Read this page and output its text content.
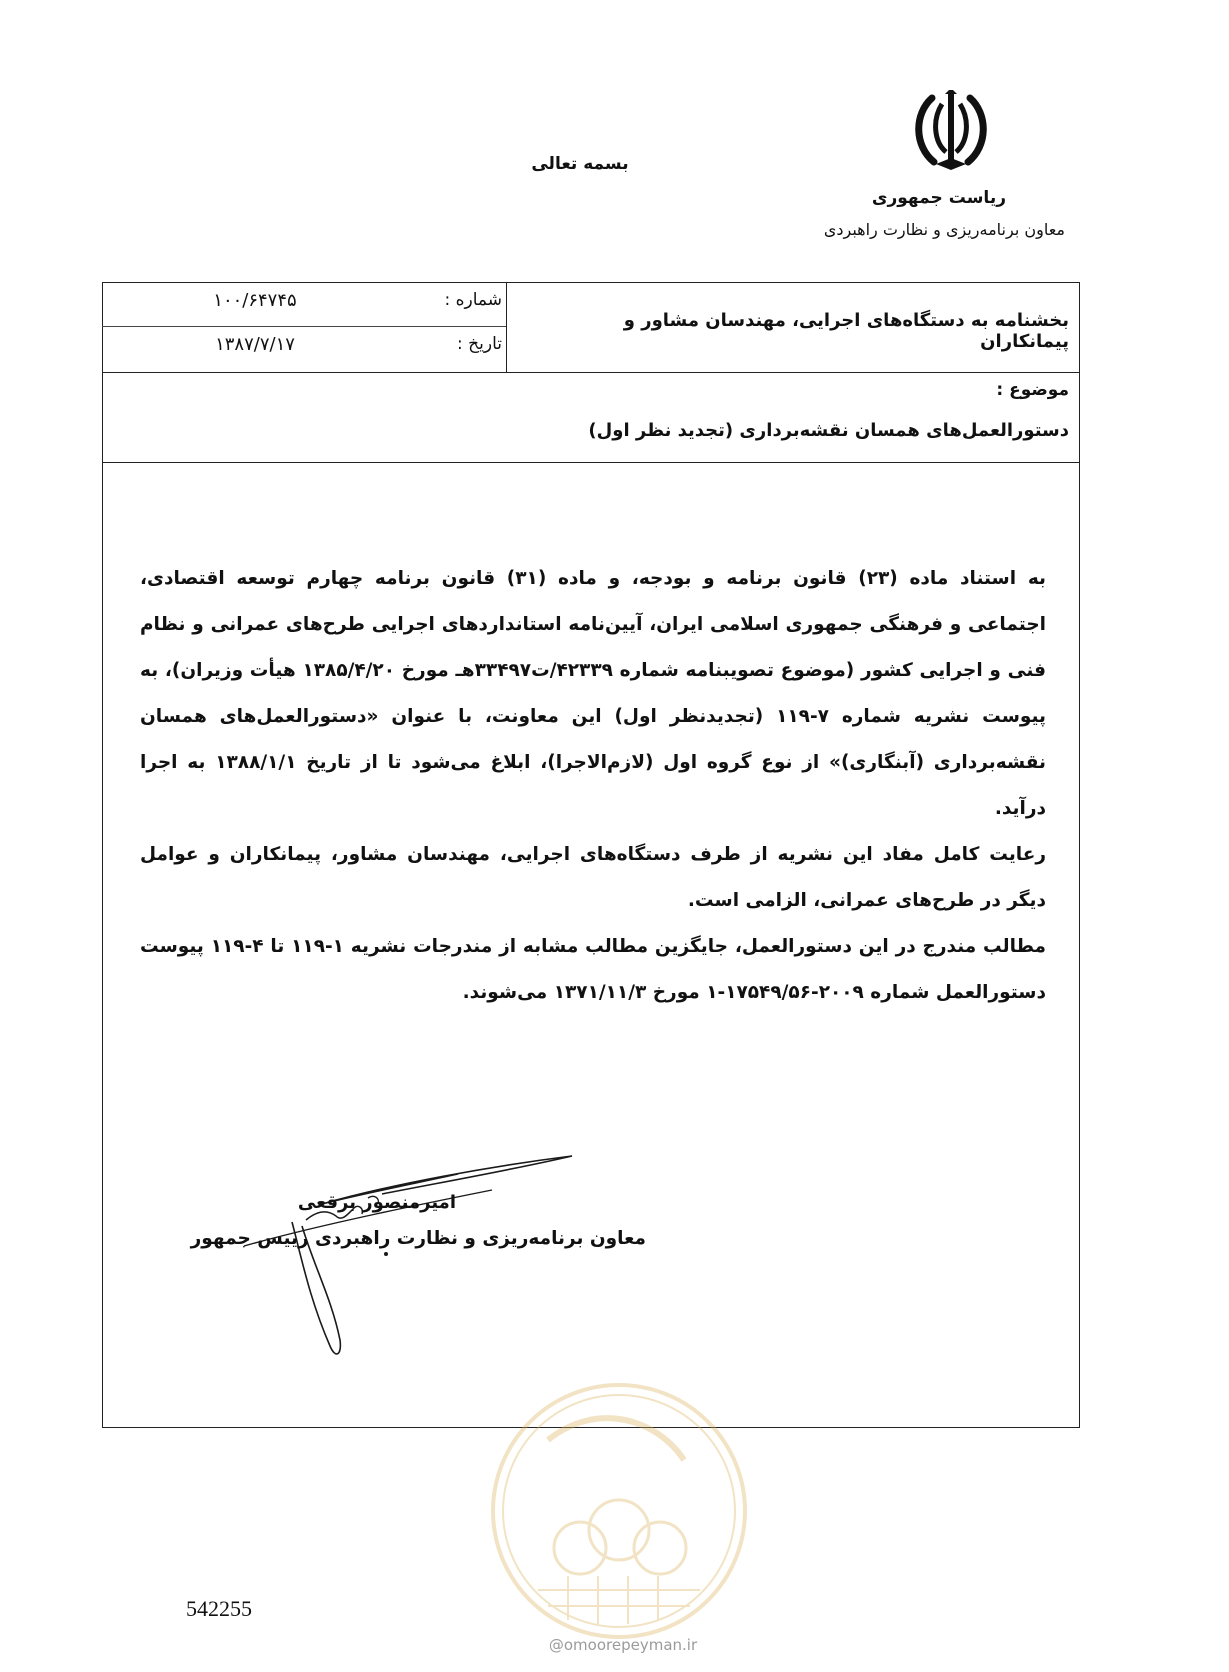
بسمه تعالی
ریاست جمهوری
معاون برنامه‌ریزی و نظارت راهبردی
شماره :
۱۰۰/۶۴۷۴۵
تاریخ :
۱۳۸۷/۷/۱۷
بخشنامه به دستگاه‌های اجرایی، مهندسان مشاور و پیمانکاران
موضوع :
دستورالعمل‌های همسان نقشه‌برداری (تجدید نظر اول)

به استناد ماده (۲۳) قانون برنامه و بودجه، و ماده (۳۱) قانون برنامه چهارم توسعه اقتصادی، اجتماعی و فرهنگی جمهوری اسلامی ایران، آیین‌نامه استانداردهای اجرایی طرح‌های عمرانی و نظام فنی و اجرایی کشور (موضوع تصویبنامه شماره ۴۲۳۳۹/ت۳۳۴۹۷هـ مورخ ۱۳۸۵/۴/۲۰ هیأت وزیران)، به پیوست نشریه شماره ۷-۱۱۹ (تجدیدنظر اول) این معاونت، با عنوان «دستورالعمل‌های همسان نقشه‌برداری (آبنگاری)» از نوع گروه اول (لازم‌الاجرا)، ابلاغ می‌شود تا از تاریخ ۱۳۸۸/۱/۱ به اجرا درآید.

رعایت کامل مفاد این نشریه از طرف دستگاه‌های اجرایی، مهندسان مشاور، پیمانکاران و عوامل دیگر در طرح‌های عمرانی، الزامی است.

مطالب مندرج در این دستورالعمل، جایگزین مطالب مشابه از مندرجات نشریه ۱-۱۱۹ تا ۴-۱۱۹ پیوست دستورالعمل شماره ۲۰۰۹-۱۷۵۴۹/۵۶-۱ مورخ ۱۳۷۱/۱۱/۳ می‌شوند.

امیرمنصور برقعی
معاون برنامه‌ریزی و نظارت راهبردی رییس جمهور
@omoorepeyman.ir
542255
